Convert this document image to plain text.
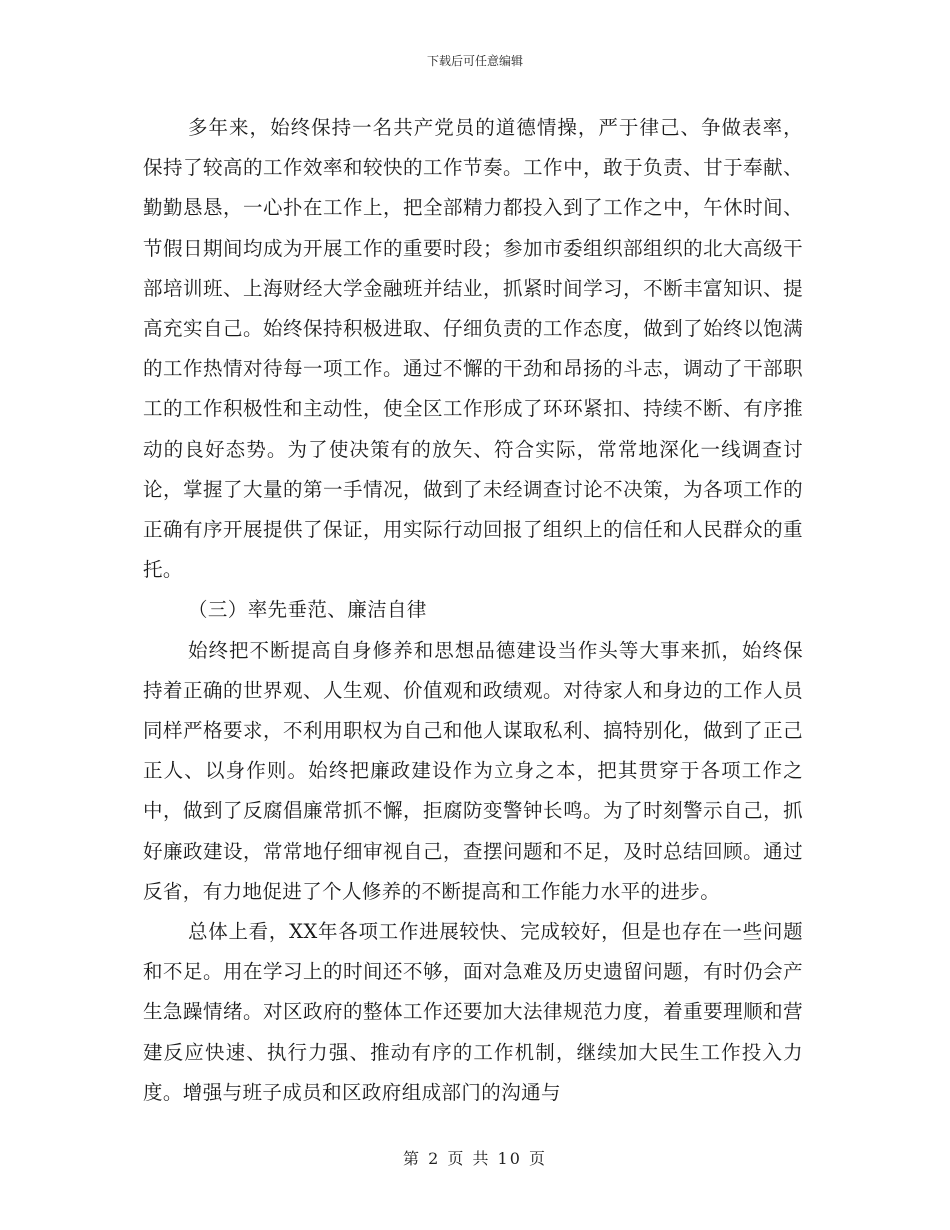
下载后可任意编辑

多年来，始终保持一名共产党员的道德情操，严于律己、争做表率，保持了较高的工作效率和较快的工作节奏。工作中，敢于负责、甘于奉献、勤勤恳恳，一心扑在工作上，把全部精力都投入到了工作之中，午休时间、节假日期间均成为开展工作的重要时段；参加市委组织部组织的北大高级干部培训班、上海财经大学金融班并结业，抓紧时间学习，不断丰富知识、提高充实自己。始终保持积极进取、仔细负责的工作态度，做到了始终以饱满的工作热情对待每一项工作。通过不懈的干劲和昂扬的斗志，调动了干部职工的工作积极性和主动性，使全区工作形成了环环紧扣、持续不断、有序推动的良好态势。为了使决策有的放矢、符合实际，常常地深化一线调查讨论，掌握了大量的第一手情况，做到了未经调查讨论不决策，为各项工作的正确有序开展提供了保证，用实际行动回报了组织上的信任和人民群众的重托。

（三）率先垂范、廉洁自律

始终把不断提高自身修养和思想品德建设当作头等大事来抓，始终保持着正确的世界观、人生观、价值观和政绩观。对待家人和身边的工作人员同样严格要求，不利用职权为自己和他人谋取私利、搞特别化，做到了正己正人、以身作则。始终把廉政建设作为立身之本，把其贯穿于各项工作之中，做到了反腐倡廉常抓不懈，拒腐防变警钟长鸣。为了时刻警示自己，抓好廉政建设，常常地仔细审视自己，查摆问题和不足，及时总结回顾。通过反省，有力地促进了个人修养的不断提高和工作能力水平的进步。

总体上看，XX年各项工作进展较快、完成较好，但是也存在一些问题和不足。用在学习上的时间还不够，面对急难及历史遗留问题，有时仍会产生急躁情绪。对区政府的整体工作还要加大法律规范力度，着重要理顺和营建反应快速、执行力强、推动有序的工作机制，继续加大民生工作投入力度。增强与班子成员和区政府组成部门的沟通与

第 2 页 共 10 页
